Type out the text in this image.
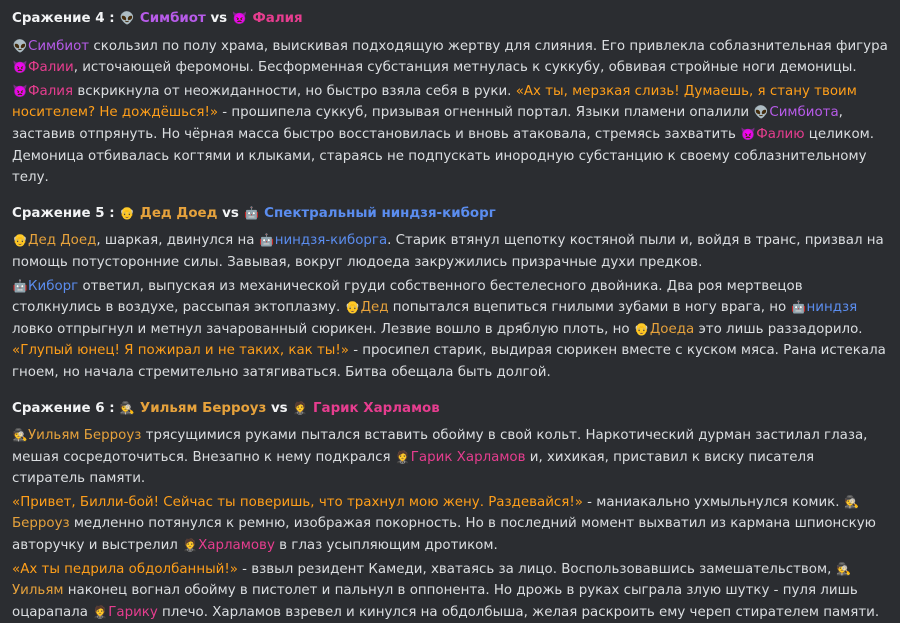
Сражение 4 : 👽 Симбиот vs 👿 Фалия
👽Симбиот скользил по полу храма, выискивая подходящую жертву для слияния. Его привлекла соблазнительная фигура 👿Фалии, источающей феромоны. Бесформенная субстанция метнулась к суккубу, обвивая стройные ноги демоницы.
👿Фалия вскрикнула от неожиданности, но быстро взяла себя в руки. «Ах ты, мерзкая слизь! Думаешь, я стану твоим носителем? Не дождёшься!» - прошипела суккуб, призывая огненный портал. Языки пламени опалили 👽Симбиота, заставив отпрянуть. Но чёрная масса быстро восстановилась и вновь атаковала, стремясь захватить 👿Фалию целиком. Демоница отбивалась когтями и клыками, стараясь не подпускать инородную субстанцию к своему соблазнительному телу.
Сражение 5 : 👴 Дед Доед vs 🤖 Спектральный ниндзя-киборг
👴Дед Доед, шаркая, двинулся на 🤖ниндзя-киборга. Старик втянул щепотку костяной пыли и, войдя в транс, призвал на помощь потусторонние силы. Завывая, вокруг людоеда закружились призрачные духи предков.
🤖Киборг ответил, выпуская из механической груди собственного бестелесного двойника. Два роя мертвецов столкнулись в воздухе, рассыпая эктоплазму. 👴Дед попытался вцепиться гнилыми зубами в ногу врага, но 🤖ниндзя ловко отпрыгнул и метнул зачарованный сюрикен. Лезвие вошло в дряблую плоть, но 👴Доеда это лишь раззадорило. «Глупый юнец! Я пожирал и не таких, как ты!» - просипел старик, выдирая сюрикен вместе с куском мяса. Рана истекала гноем, но начала стремительно затягиваться. Битва обещала быть долгой.
Сражение 6 : 🕵 Уильям Берроуз vs 🤵 Гарик Харламов
🕵Уильям Берроуз трясущимися руками пытался вставить обойму в свой кольт. Наркотический дурман застилал глаза, мешая сосредоточиться. Внезапно к нему подкрался 🤵Гарик Харламов и, хихикая, приставил к виску писателя стиратель памяти.
«Привет, Билли-бой! Сейчас ты поверишь, что трахнул мою жену. Раздевайся!» - маниакально ухмыльнулся комик. 🕵Берроуз медленно потянулся к ремню, изображая покорность. Но в последний момент выхватил из кармана шпионскую авторучку и выстрелил 🤵Харламову в глаз усыпляющим дротиком.
«Ах ты педрила обдолбанный!» - взвыл резидент Камеди, хватаясь за лицо. Воспользовавшись замешательством, 🕵Уильям наконец вогнал обойму в пистолет и пальнул в оппонента. Но дрожь в руках сыграла злую шутку - пуля лишь оцарапала 🤵Гарику плечо. Харламов взревел и кинулся на обдолбыша, желая раскроить ему череп стирателем памяти.
